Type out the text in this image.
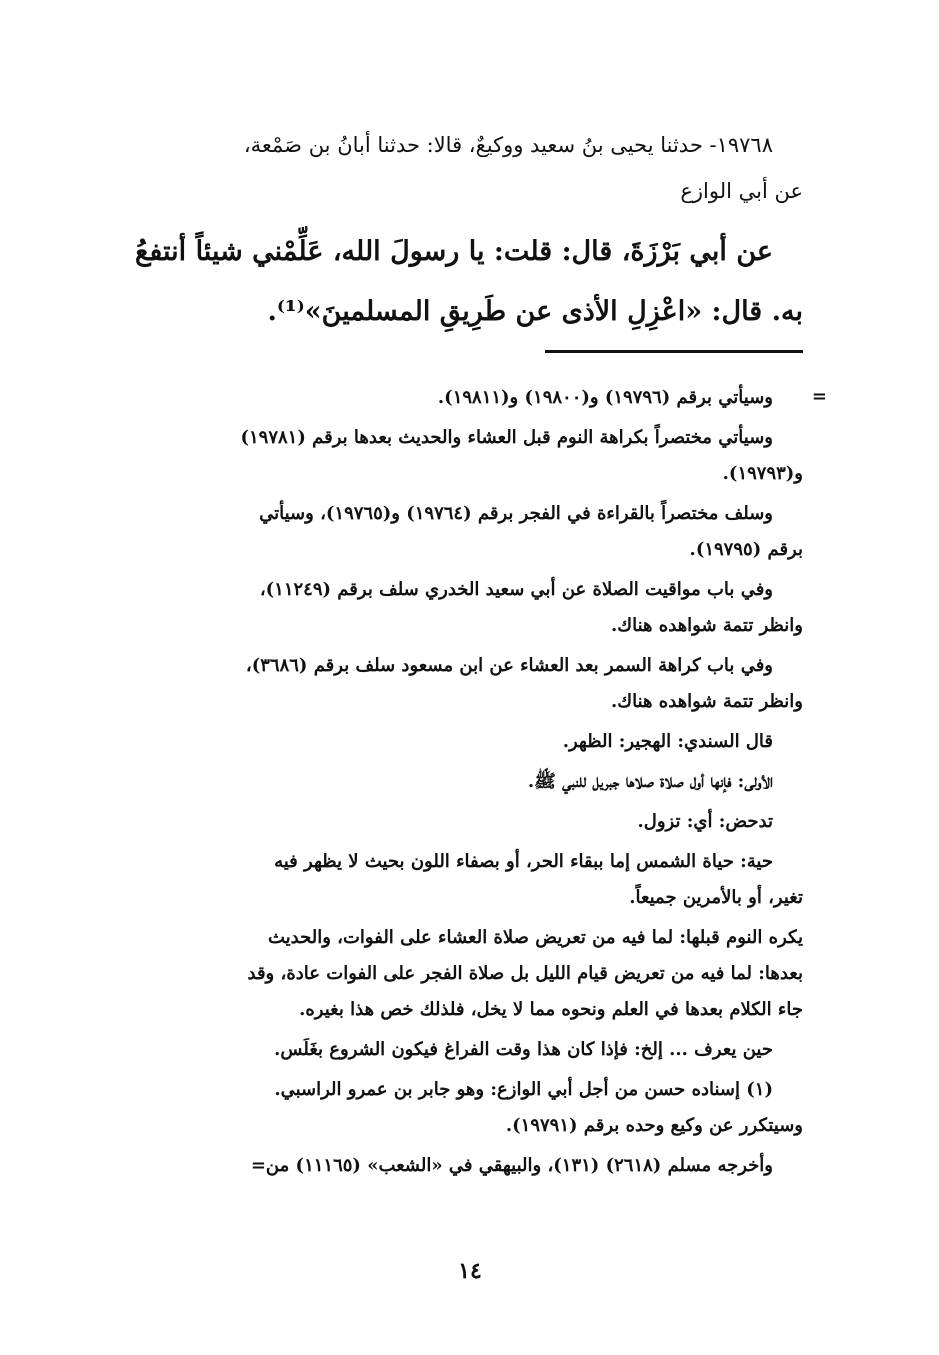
١٩٧٦٨- حدثنا يحيى بنُ سعيد ووكيعٌ، قالا: حدثنا أبانُ بن صَمْعة،
عن أبي الوازع
عن أبي بَرْزَةَ، قال: قلت: يا رسولَ الله، عَلِّمْني شيئاً أنتفعُ
به. قال: «اعْزِلِ الأذى عن طَرِيقِ المسلمينَ»⁽¹⁾.
=

وسيأتي برقم (١٩٧٩٦) و(١٩٨٠٠) و(١٩٨١١).

وسيأتي مختصراً بكراهة النوم قبل العشاء والحديث بعدها برقم (١٩٧٨١)
و(١٩٧٩٣).

وسلف مختصراً بالقراءة في الفجر برقم (١٩٧٦٤) و(١٩٧٦٥)، وسيأتي
برقم (١٩٧٩٥).

وفي باب مواقيت الصلاة عن أبي سعيد الخدري سلف برقم (١١٢٤٩)،
وانظر تتمة شواهده هناك.

وفي باب كراهة السمر بعد العشاء عن ابن مسعود سلف برقم (٣٦٨٦)،
وانظر تتمة شواهده هناك.

قال السندي: الهجير: الظهر.

الأولى: فإنها أول صلاة صلاها جبريل للنبي ﷺ.

تدحض: أي: تزول.

حية: حياة الشمس إما ببقاء الحر، أو بصفاء اللون بحيث لا يظهر فيه
تغير، أو بالأمرين جميعاً.

يكره النوم قبلها: لما فيه من تعريض صلاة العشاء على الفوات، والحديث
بعدها: لما فيه من تعريض قيام الليل بل صلاة الفجر على الفوات عادة، وقد
جاء الكلام بعدها في العلم ونحوه مما لا يخل، فلذلك خص هذا بغيره.

حين يعرف ... إلخ: فإذا كان هذا وقت الفراغ فيكون الشروع بغَلَس.

(١) إسناده حسن من أجل أبي الوازع: وهو جابر بن عمرو الراسبي.
وسيتكرر عن وكيع وحده برقم (١٩٧٩١).

وأخرجه مسلم (٢٦١٨) (١٣١)، والبيهقي في «الشعب» (١١١٦٥) من=

١٤
